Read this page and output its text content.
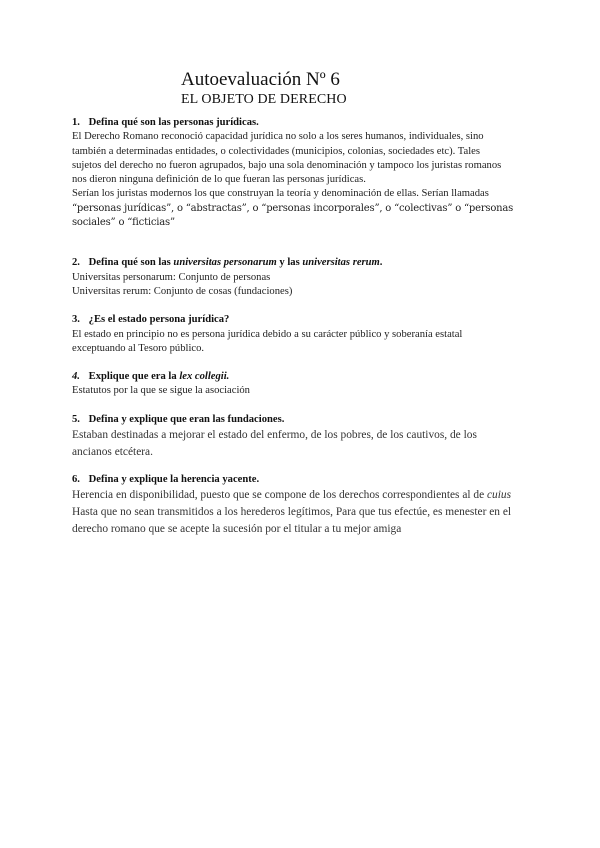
Autoevaluación Nº 6
EL OBJETO DE DERECHO

1. Defina qué son las personas jurídicas.

El Derecho Romano reconoció capacidad jurídica no solo a los seres humanos, individuales, sino

también a determinadas entidades, o colectividades (municipios, colonias, sociedades etc). Tales

sujetos del derecho no fueron agrupados, bajo una sola denominación y tampoco los juristas romanos

nos dieron ninguna definición de lo que fueran las personas jurídicas.

Serían los juristas modernos los que construyan la teoría y denominación de ellas. Serían llamadas

“personas jurídicas”, o “abstractas”, o “personas incorporales”, o “colectivas” o “personas

sociales” o “ficticias”

2. Defina qué son las universitas personarum y las universitas rerum.

Universitas personarum: Conjunto de personas

Universitas rerum: Conjunto de cosas (fundaciones)

3. ¿Es el estado persona jurídica?

El estado en principio no es persona jurídica debido a su carácter público y soberanía estatal

exceptuando al Tesoro público.

4. Explique que era la lex collegii.

Estatutos por la que se sigue la asociación

5. Defina y explique que eran las fundaciones.

Estaban destinadas a mejorar el estado del enfermo, de los pobres, de los cautivos, de los

ancianos etcétera.

6. Defina y explique la herencia yacente.

Herencia en disponibilidad, puesto que se compone de los derechos correspondientes al de cuius

Hasta que no sean transmitidos a los herederos legítimos, Para que tus efectúe, es menester en el

derecho romano que se acepte la sucesión por el titular a tu mejor amiga
